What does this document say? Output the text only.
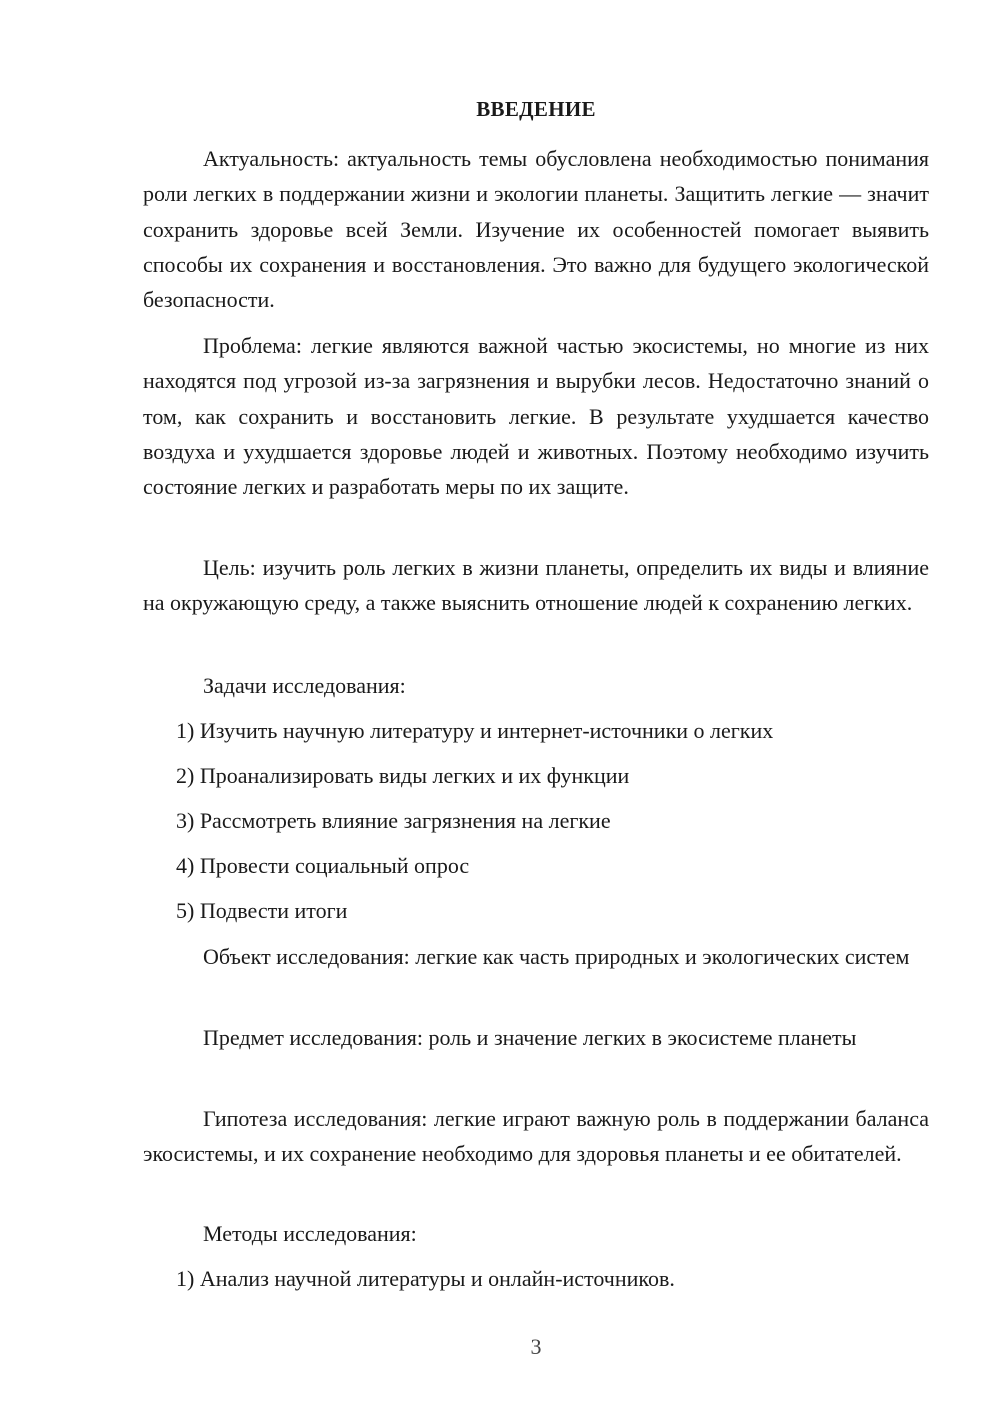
ВВЕДЕНИЕ
Актуальность: актуальность темы обусловлена необходимостью понимания роли легких в поддержании жизни и экологии планеты. Защитить легкие — значит сохранить здоровье всей Земли. Изучение их особенностей помогает выявить способы их сохранения и восстановления. Это важно для будущего экологической безопасности.
Проблема: легкие являются важной частью экосистемы, но многие из них находятся под угрозой из-за загрязнения и вырубки лесов. Недостаточно знаний о том, как сохранить и восстановить легкие. В результате ухудшается качество воздуха и ухудшается здоровье людей и животных. Поэтому необходимо изучить состояние легких и разработать меры по их защите.
Цель: изучить роль легких в жизни планеты, определить их виды и влияние на окружающую среду, а также выяснить отношение людей к сохранению легких.
Задачи исследования:
1) Изучить научную литературу и интернет-источники о легких
2) Проанализировать виды легких и их функции
3) Рассмотреть влияние загрязнения на легкие
4) Провести социальный опрос
5) Подвести итоги
Объект исследования: легкие как часть природных и экологических систем
Предмет исследования: роль и значение легких в экосистеме планеты
Гипотеза исследования: легкие играют важную роль в поддержании баланса экосистемы, и их сохранение необходимо для здоровья планеты и ее обитателей.
Методы исследования:
1) Анализ научной литературы и онлайн-источников.
3
